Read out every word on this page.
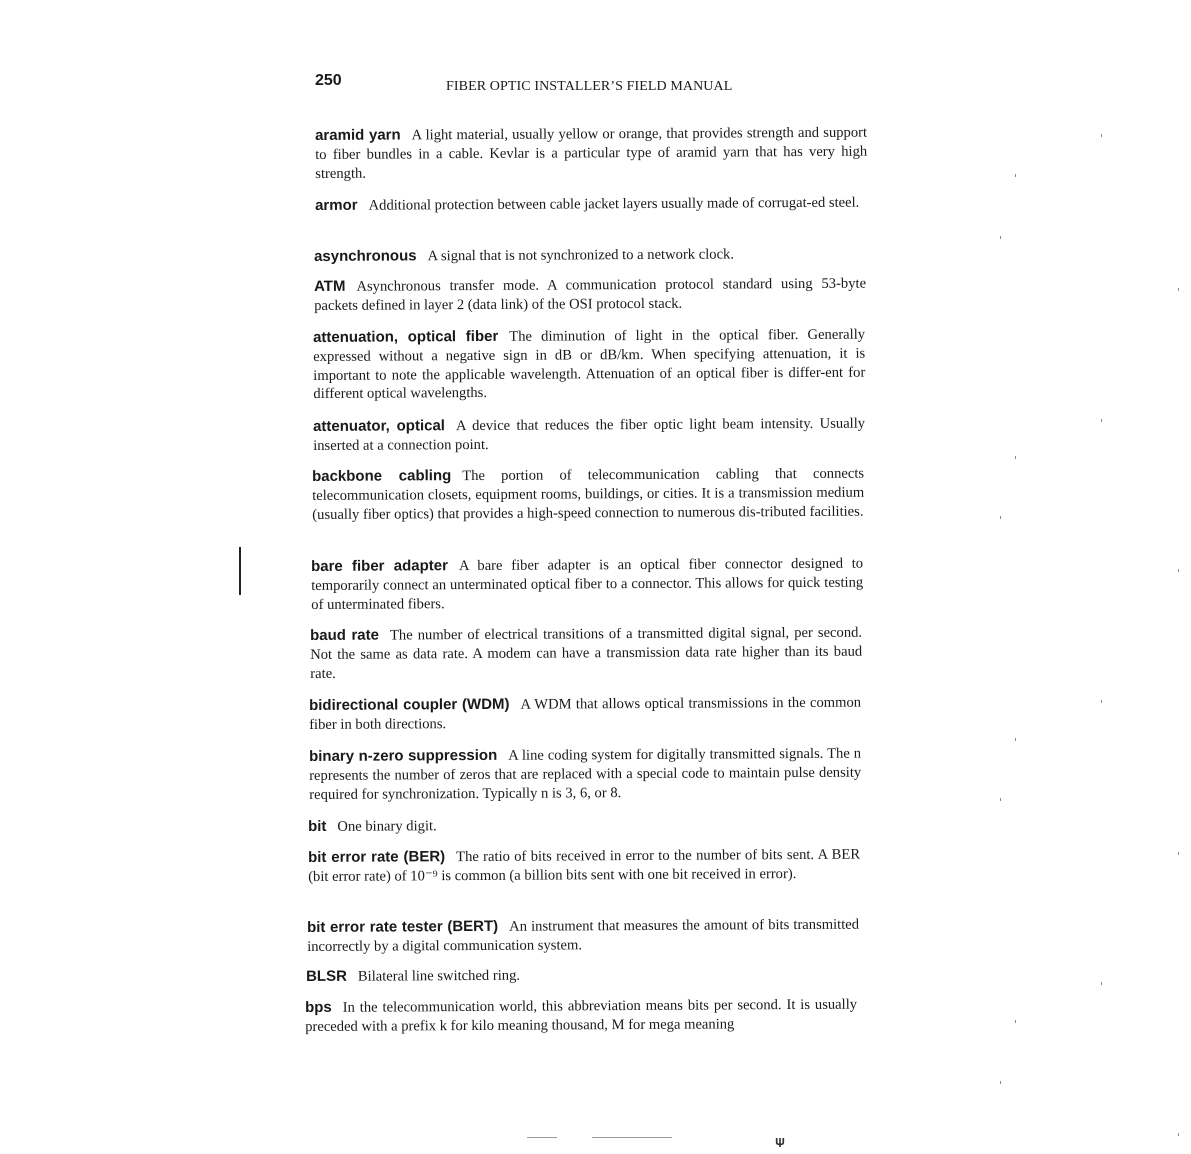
250	FIBER OPTIC INSTALLER’S FIELD MANUAL
aramid yarn A light material, usually yellow or orange, that provides strength and support to fiber bundles in a cable. Kevlar is a particular type of aramid yarn that has very high strength.
armor Additional protection between cable jacket layers usually made of corrugat-ed steel.
asynchronous A signal that is not synchronized to a network clock.
ATM Asynchronous transfer mode. A communication protocol standard using 53-byte packets defined in layer 2 (data link) of the OSI protocol stack.
attenuation, optical fiber The diminution of light in the optical fiber. Generally expressed without a negative sign in dB or dB/km. When specifying attenuation, it is important to note the applicable wavelength. Attenuation of an optical fiber is differ-ent for different optical wavelengths.
attenuator, optical A device that reduces the fiber optic light beam intensity. Usually inserted at a connection point.
backbone cabling The portion of telecommunication cabling that connects telecommunication closets, equipment rooms, buildings, or cities. It is a transmission medium (usually fiber optics) that provides a high-speed connection to numerous dis-tributed facilities.
bare fiber adapter A bare fiber adapter is an optical fiber connector designed to temporarily connect an unterminated optical fiber to a connector. This allows for quick testing of unterminated fibers.
baud rate The number of electrical transitions of a transmitted digital signal, per second. Not the same as data rate. A modem can have a transmission data rate higher than its baud rate.
bidirectional coupler (WDM) A WDM that allows optical transmissions in the common fiber in both directions.
binary n-zero suppression A line coding system for digitally transmitted signals. The n represents the number of zeros that are replaced with a special code to maintain pulse density required for synchronization. Typically n is 3, 6, or 8.
bit One binary digit.
bit error rate (BER) The ratio of bits received in error to the number of bits sent. A BER (bit error rate) of 10⁻⁹ is common (a billion bits sent with one bit received in error).
bit error rate tester (BERT) An instrument that measures the amount of bits transmitted incorrectly by a digital communication system.
BLSR Bilateral line switched ring.
bps In the telecommunication world, this abbreviation means bits per second. It is usually preceded with a prefix k for kilo meaning thousand, M for mega meaning
𝚿
